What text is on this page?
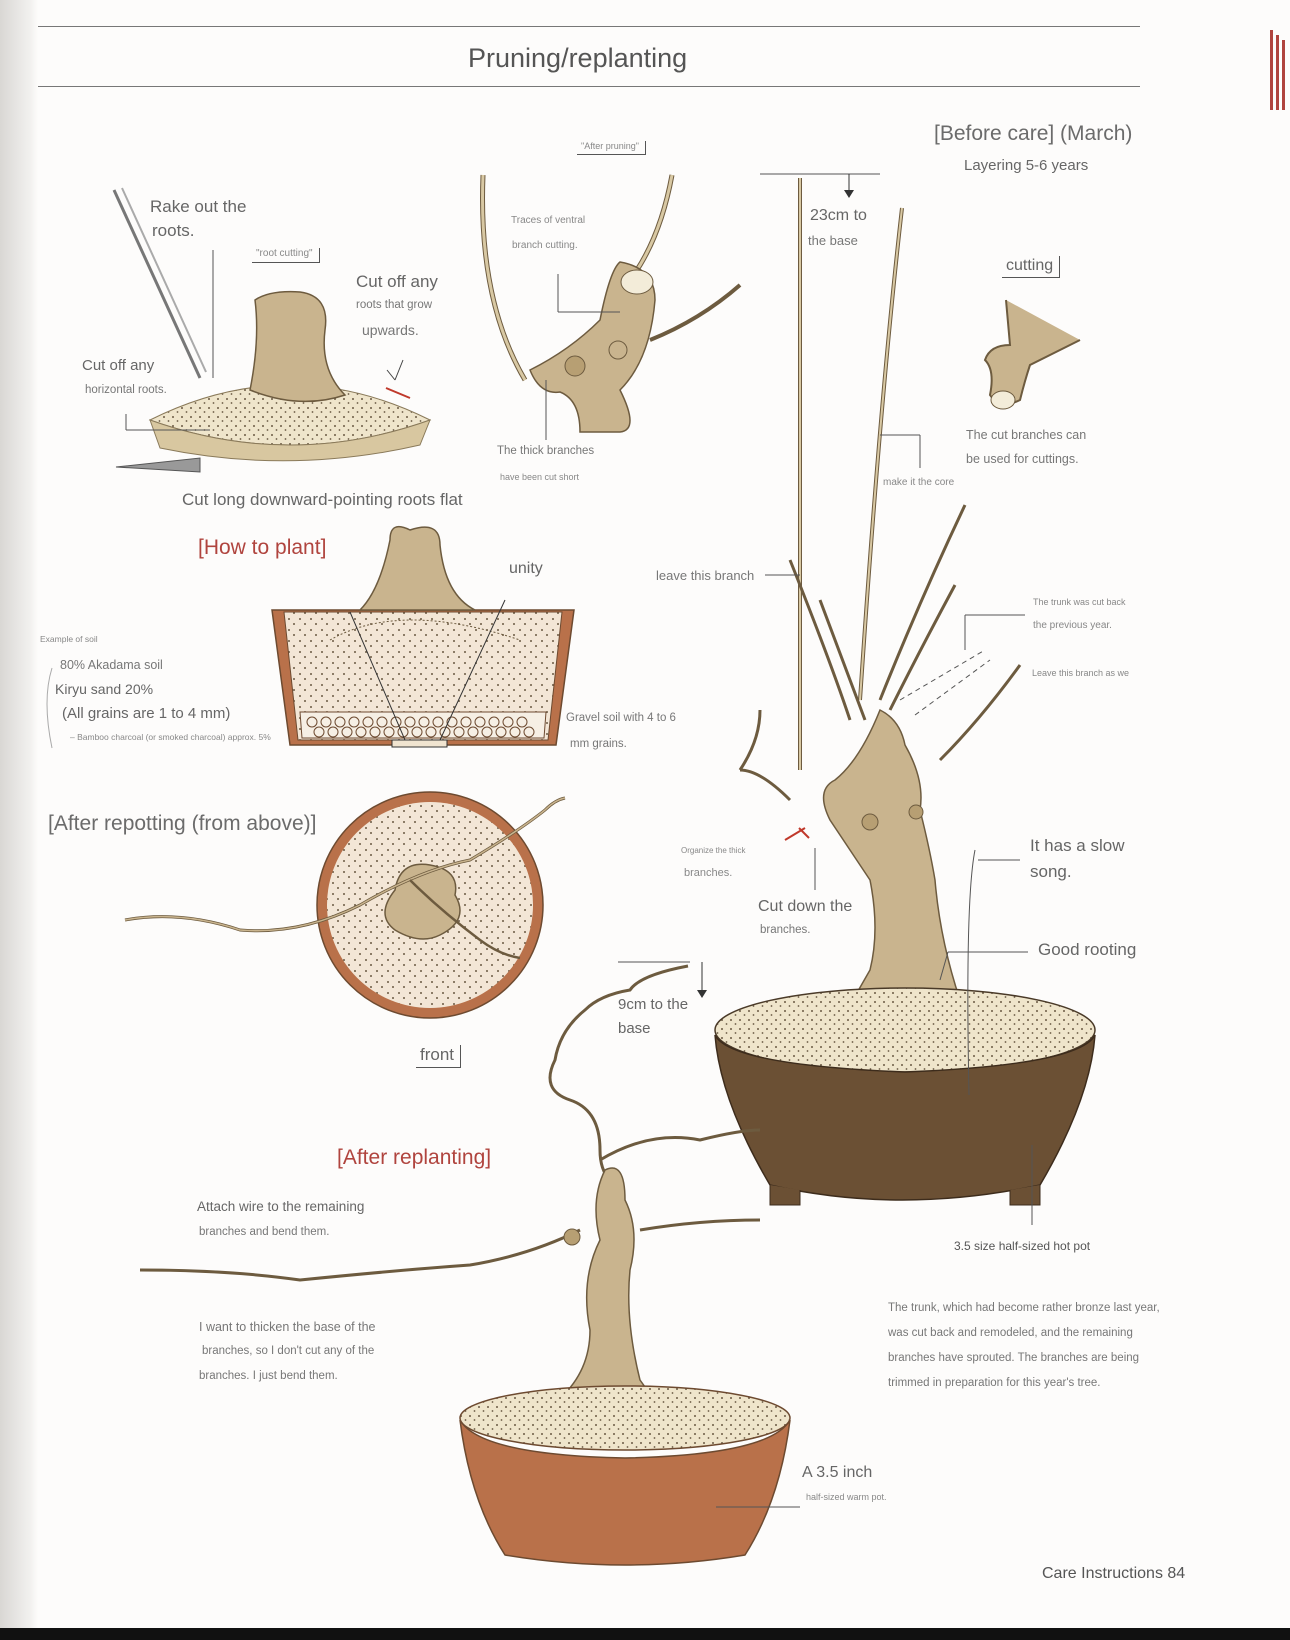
Pruning/replanting
Rake out the
roots.
"root cutting"
Cut off any
roots that grow
upwards.
Cut off any
horizontal roots.
Cut long downward-pointing roots flat
"After pruning"
Traces of ventral
branch cutting.
The thick branches
have been cut short
[Before care] (March)
Layering 5-6 years
23cm to
the base
cutting
The cut branches can
be used for cuttings.
make it the core
leave this branch
The trunk was cut back
the previous year.
Leave this branch as we
Organize the thick
branches.
Cut down the
branches.
It has a slow
song.
Good rooting
3.5 size half-sized hot pot
The trunk, which had become rather bronze last year,
was cut back and remodeled, and the remaining
branches have sprouted. The branches are being
trimmed in preparation for this year's tree.
[How to plant]
unity
Example of soil
80% Akadama soil
Kiryu sand 20%
(All grains are 1 to 4 mm)
– Bamboo charcoal (or smoked charcoal) approx. 5%
Gravel soil with 4 to 6
mm grains.
[After repotting (from above)]
front
[After replanting]
9cm to the
base
Attach wire to the remaining
branches and bend them.
I want to thicken the base of the
branches, so I don't cut any of the
branches. I just bend them.
A 3.5 inch
half-sized warm pot.
Care Instructions 84
